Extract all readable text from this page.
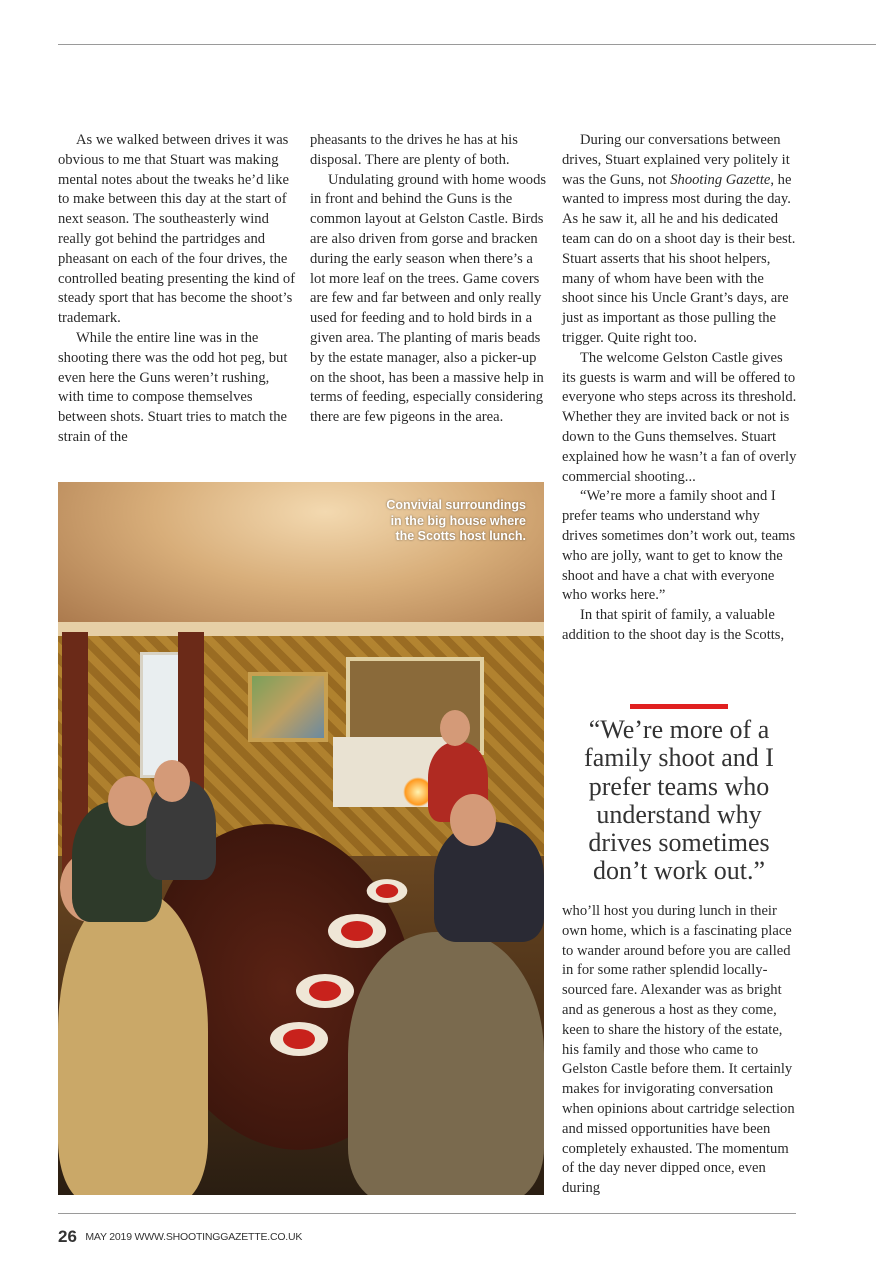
As we walked between drives it was obvious to me that Stuart was making mental notes about the tweaks he’d like to make between this day at the start of next season. The southeasterly wind really got behind the partridges and pheasant on each of the four drives, the controlled beating presenting the kind of steady sport that has become the shoot’s trademark.

While the entire line was in the shooting there was the odd hot peg, but even here the Guns weren’t rushing, with time to compose themselves between shots. Stuart tries to match the strain of the

pheasants to the drives he has at his disposal. There are plenty of both.

Undulating ground with home woods in front and behind the Guns is the common layout at Gelston Castle. Birds are also driven from gorse and bracken during the early season when there’s a lot more leaf on the trees. Game covers are few and far between and only really used for feeding and to hold birds in a given area. The planting of maris beads by the estate manager, also a picker-up on the shoot, has been a massive help in terms of feeding, especially considering there are few pigeons in the area.

During our conversations between drives, Stuart explained very politely it was the Guns, not Shooting Gazette, he wanted to impress most during the day. As he saw it, all he and his dedicated team can do on a shoot day is their best. Stuart asserts that his shoot helpers, many of whom have been with the shoot since his Uncle Grant’s days, are just as important as those pulling the trigger. Quite right too.

The welcome Gelston Castle gives its guests is warm and will be offered to everyone who steps across its threshold. Whether they are invited back or not is down to the Guns themselves. Stuart explained how he wasn’t a fan of overly commercial shooting...

“We’re more a family shoot and I prefer teams who understand why drives sometimes don’t work out, teams who are jolly, want to get to know the shoot and have a chat with everyone who works here.”

In that spirit of family, a valuable addition to the shoot day is the Scotts,

Convivial surroundings in the big house where the Scotts host lunch.
“We’re more of a family shoot and I prefer teams who understand why drives sometimes don’t work out.”

who’ll host you during lunch in their own home, which is a fascinating place to wander around before you are called in for some rather splendid locally-sourced fare. Alexander was as bright and as generous a host as they come, keen to share the history of the estate, his family and those who came to Gelston Castle before them. It certainly makes for invigorating conversation when opinions about cartridge selection and missed opportunities have been completely exhausted. The momentum of the day never dipped once, even during

26 MAY 2019 WWW.SHOOTINGGAZETTE.CO.UK
